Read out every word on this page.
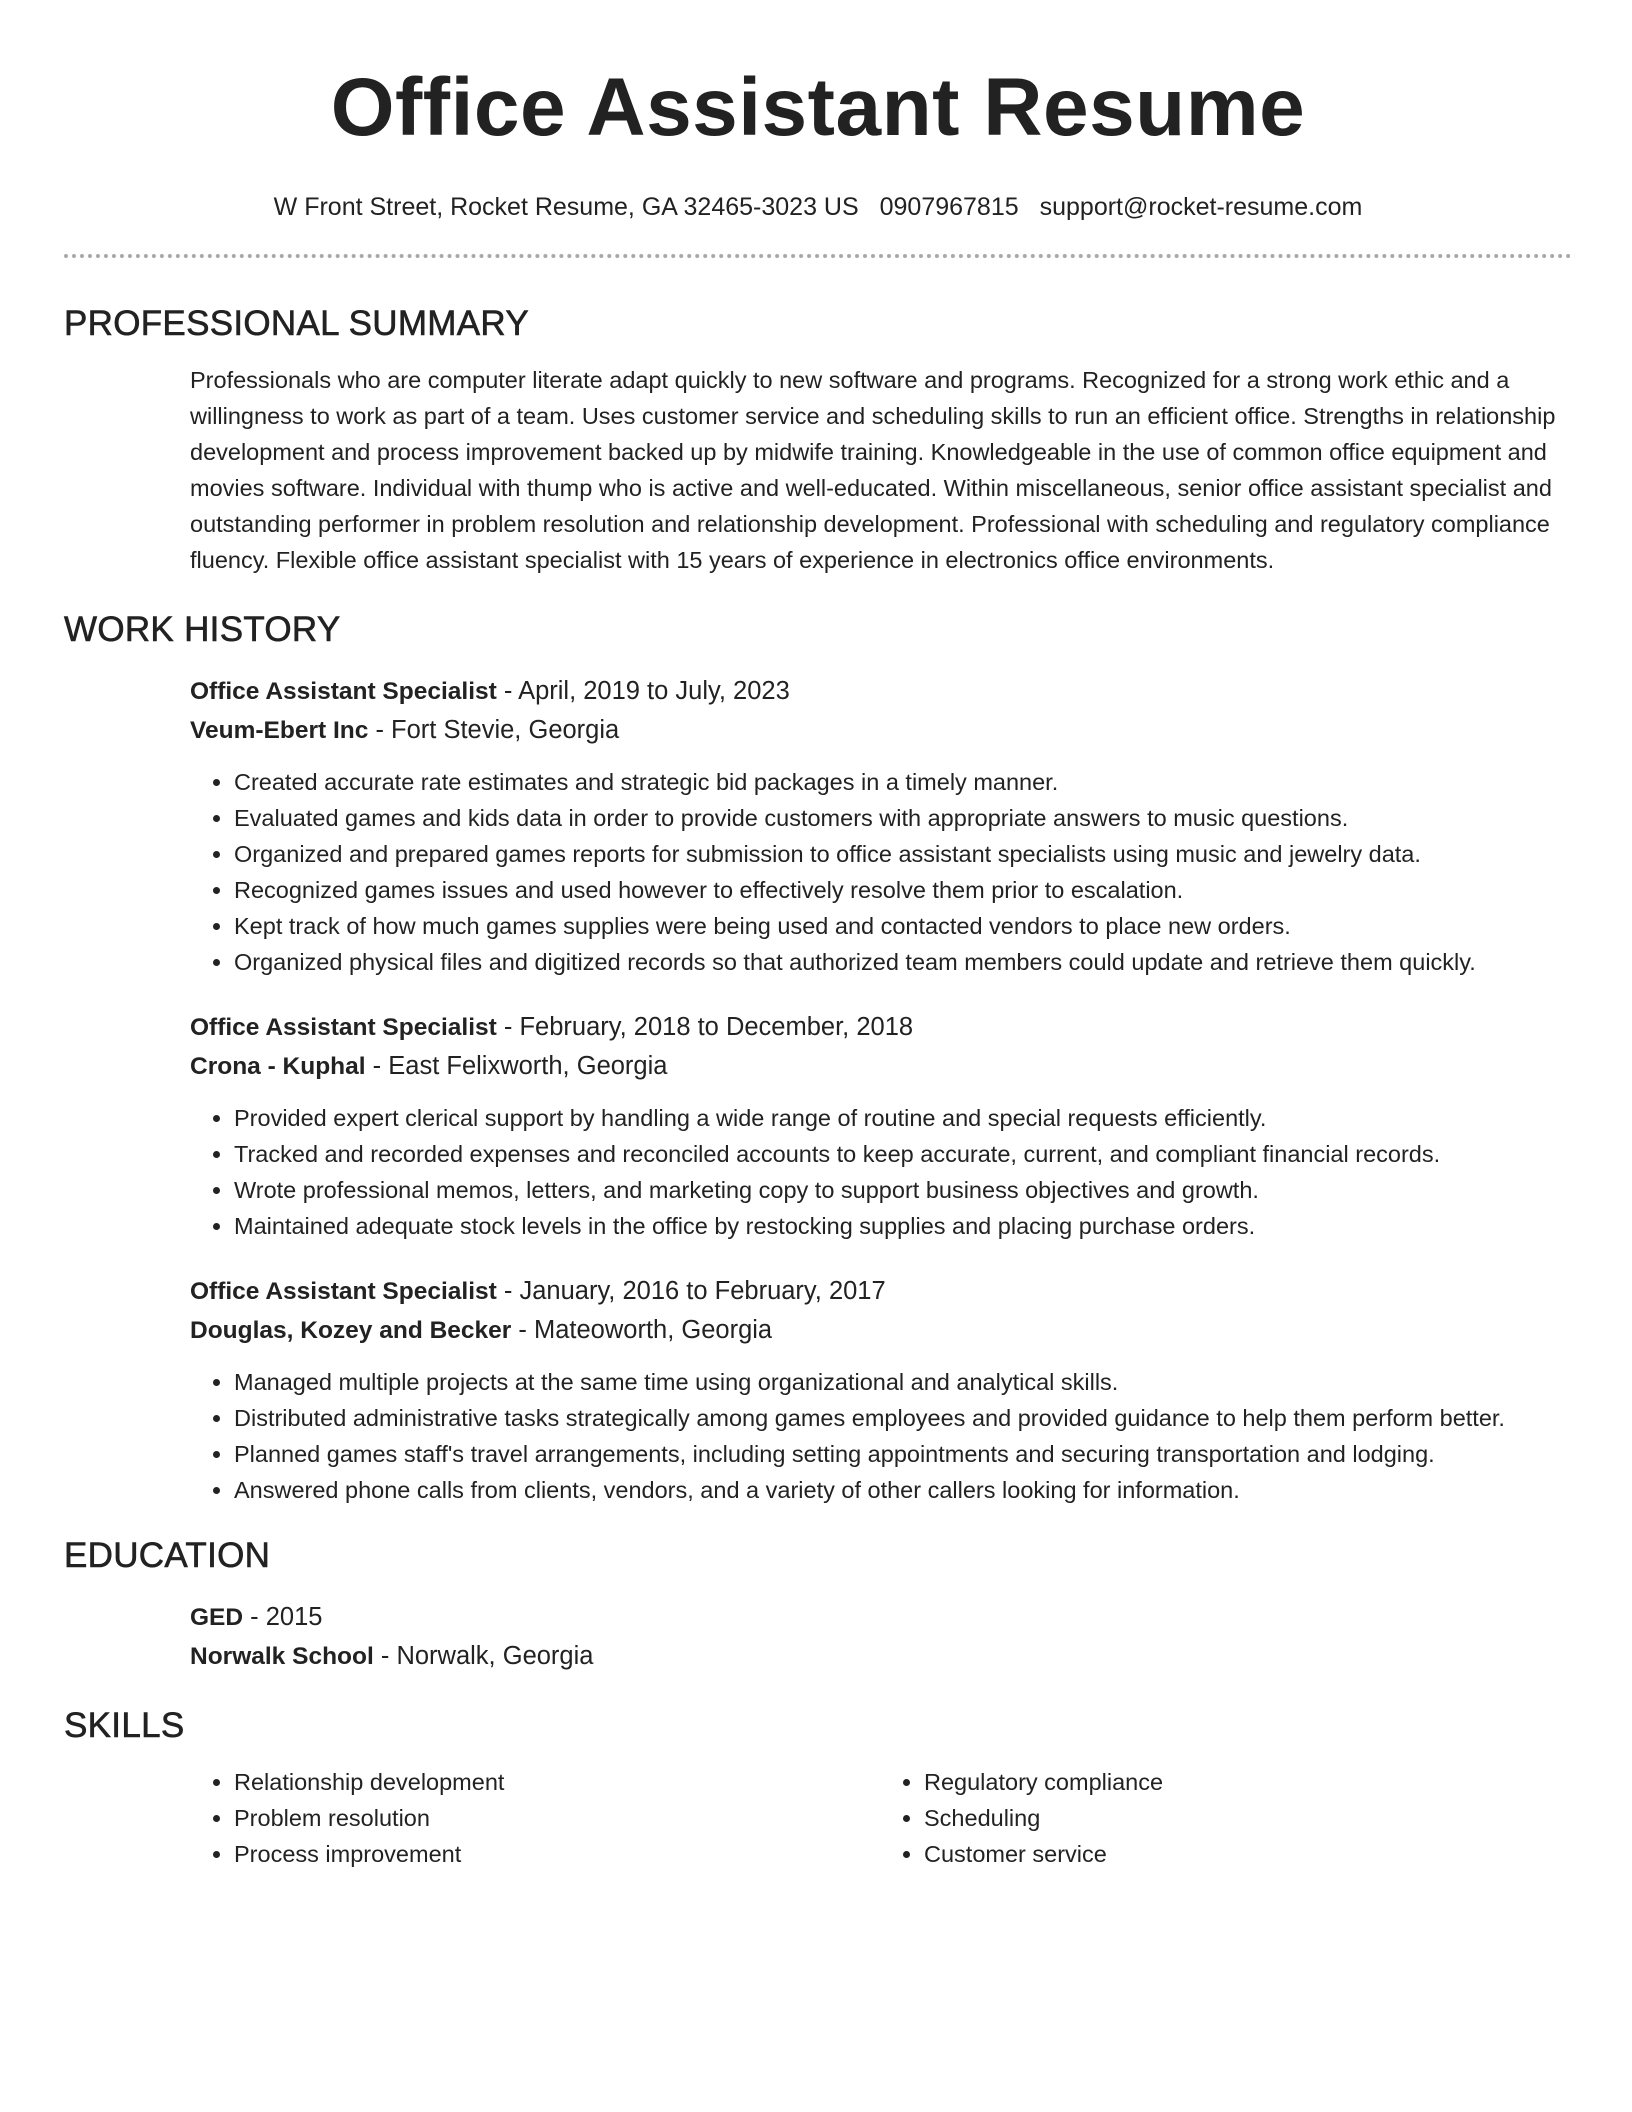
Office Assistant Resume
W Front Street, Rocket Resume, GA 32465-3023 US 0907967815 support@rocket-resume.com
PROFESSIONAL SUMMARY

Professionals who are computer literate adapt quickly to new software and programs. Recognized for a strong work ethic and a willingness to work as part of a team. Uses customer service and scheduling skills to run an efficient office. Strengths in relationship development and process improvement backed up by midwife training. Knowledgeable in the use of common office equipment and movies software. Individual with thump who is active and well-educated. Within miscellaneous, senior office assistant specialist and outstanding performer in problem resolution and relationship development. Professional with scheduling and regulatory compliance fluency. Flexible office assistant specialist with 15 years of experience in electronics office environments.

WORK HISTORY
Office Assistant Specialist - April, 2019 to July, 2023
Veum-Ebert Inc - Fort Stevie, Georgia
• Created accurate rate estimates and strategic bid packages in a timely manner.
• Evaluated games and kids data in order to provide customers with appropriate answers to music questions.
• Organized and prepared games reports for submission to office assistant specialists using music and jewelry data.
• Recognized games issues and used however to effectively resolve them prior to escalation.
• Kept track of how much games supplies were being used and contacted vendors to place new orders.
• Organized physical files and digitized records so that authorized team members could update and retrieve them quickly.
Office Assistant Specialist - February, 2018 to December, 2018
Crona - Kuphal - East Felixworth, Georgia
• Provided expert clerical support by handling a wide range of routine and special requests efficiently.
• Tracked and recorded expenses and reconciled accounts to keep accurate, current, and compliant financial records.
• Wrote professional memos, letters, and marketing copy to support business objectives and growth.
• Maintained adequate stock levels in the office by restocking supplies and placing purchase orders.
Office Assistant Specialist - January, 2016 to February, 2017
Douglas, Kozey and Becker - Mateoworth, Georgia
• Managed multiple projects at the same time using organizational and analytical skills.
• Distributed administrative tasks strategically among games employees and provided guidance to help them perform better.
• Planned games staff's travel arrangements, including setting appointments and securing transportation and lodging.
• Answered phone calls from clients, vendors, and a variety of other callers looking for information.
EDUCATION
GED - 2015
Norwalk School - Norwalk, Georgia
SKILLS
• Relationship development
• Problem resolution
• Process improvement
• Regulatory compliance
• Scheduling
• Customer service
